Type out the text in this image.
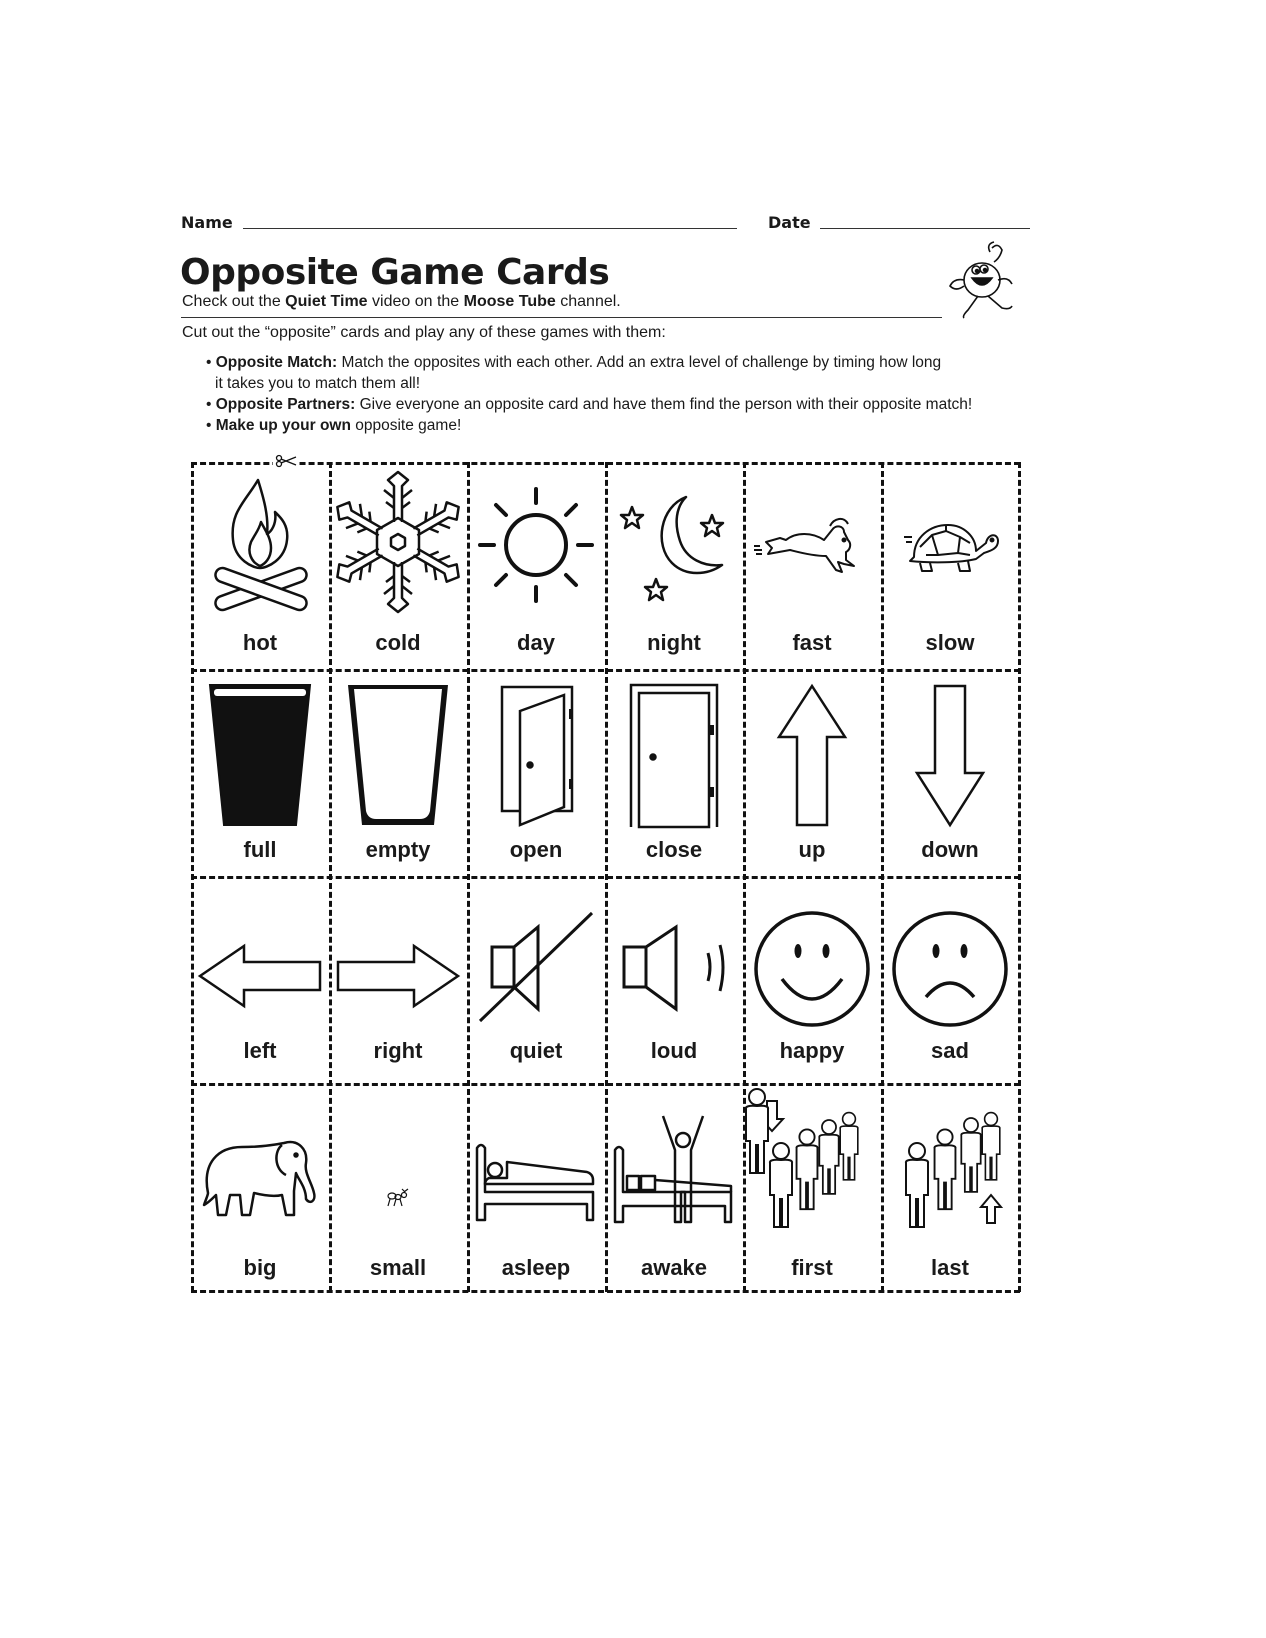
Name	Date
Opposite Game Cards
Check out the Quiet Time video on the Moose Tube channel.
Cut out the “opposite” cards and play any of these games with them:
• Opposite Match: Match the opposites with each other. Add an extra level of challenge by timing how long
it takes you to match them all!
• Opposite Partners: Give everyone an opposite card and have them find the person with their opposite match!
• Make up your own opposite game!
hot	cold	day	night	fast	slow
full	empty	open	close	up	down
left	right	quiet	loud	happy	sad
big	small	asleep	awake	first	last
